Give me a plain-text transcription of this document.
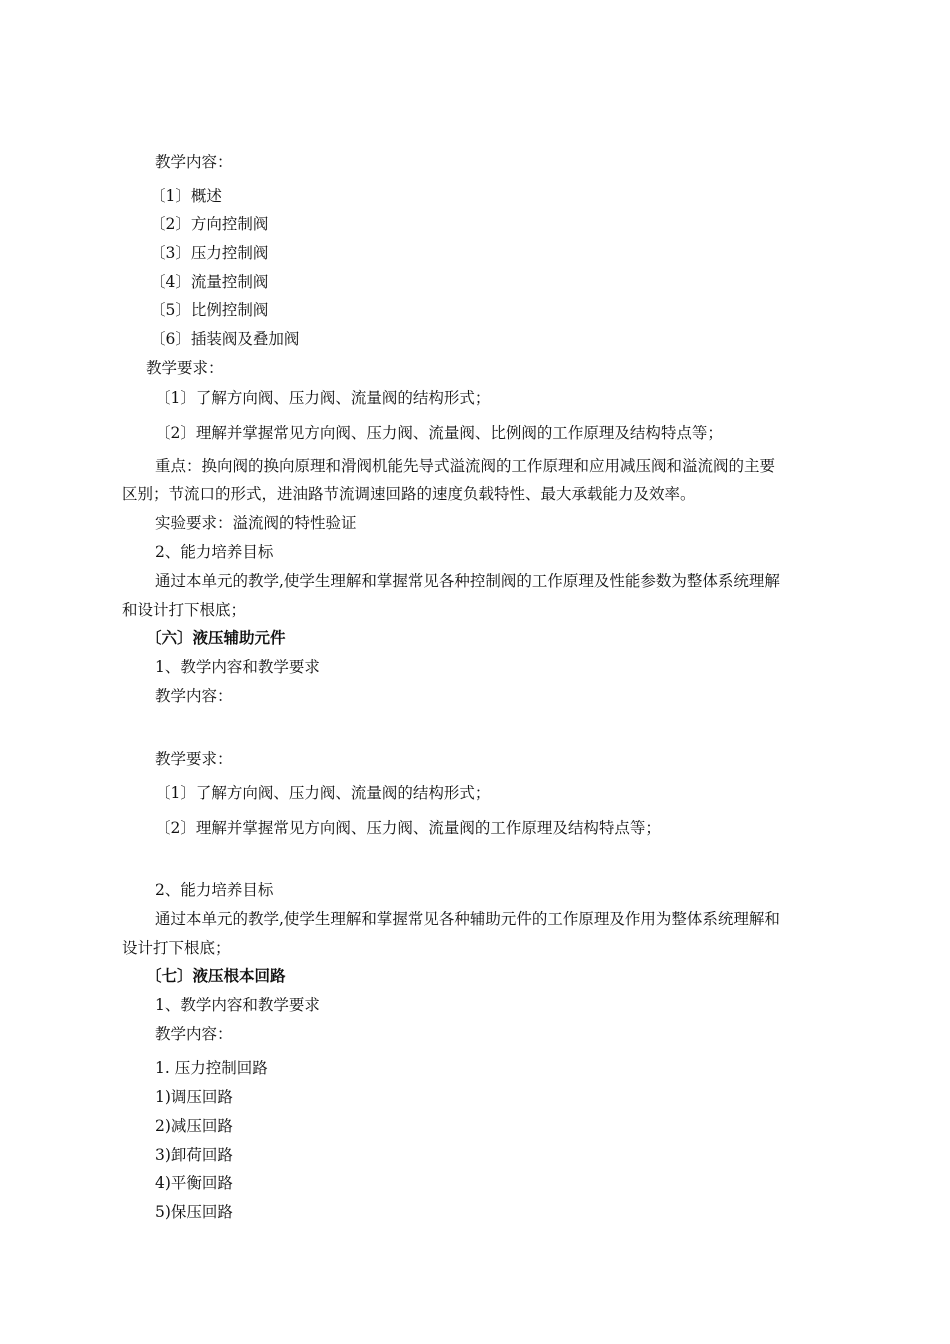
教学内容：
〔1〕概述
〔2〕方向控制阀
〔3〕压力控制阀
〔4〕流量控制阀
〔5〕比例控制阀
〔6〕插装阀及叠加阀
教学要求：
〔1〕了解方向阀、压力阀、流量阀的结构形式；
〔2〕理解并掌握常见方向阀、压力阀、流量阀、比例阀的工作原理及结构特点等；
重点：换向阀的换向原理和滑阀机能先导式溢流阀的工作原理和应用减压阀和溢流阀的主要
区别；节流口的形式，进油路节流调速回路的速度负载特性、最大承载能力及效率。
实验要求：溢流阀的特性验证
2、能力培养目标
通过本单元的教学,使学生理解和掌握常见各种控制阀的工作原理及性能参数为整体系统理解
和设计打下根底；
〔六〕液压辅助元件
1、教学内容和教学要求
教学内容：
教学要求：
〔1〕了解方向阀、压力阀、流量阀的结构形式；
〔2〕理解并掌握常见方向阀、压力阀、流量阀的工作原理及结构特点等；
2、能力培养目标
通过本单元的教学,使学生理解和掌握常见各种辅助元件的工作原理及作用为整体系统理解和
设计打下根底；
〔七〕液压根本回路
1、教学内容和教学要求
教学内容：
1. 压力控制回路
1)调压回路
2)减压回路
3)卸荷回路
4)平衡回路
5)保压回路
